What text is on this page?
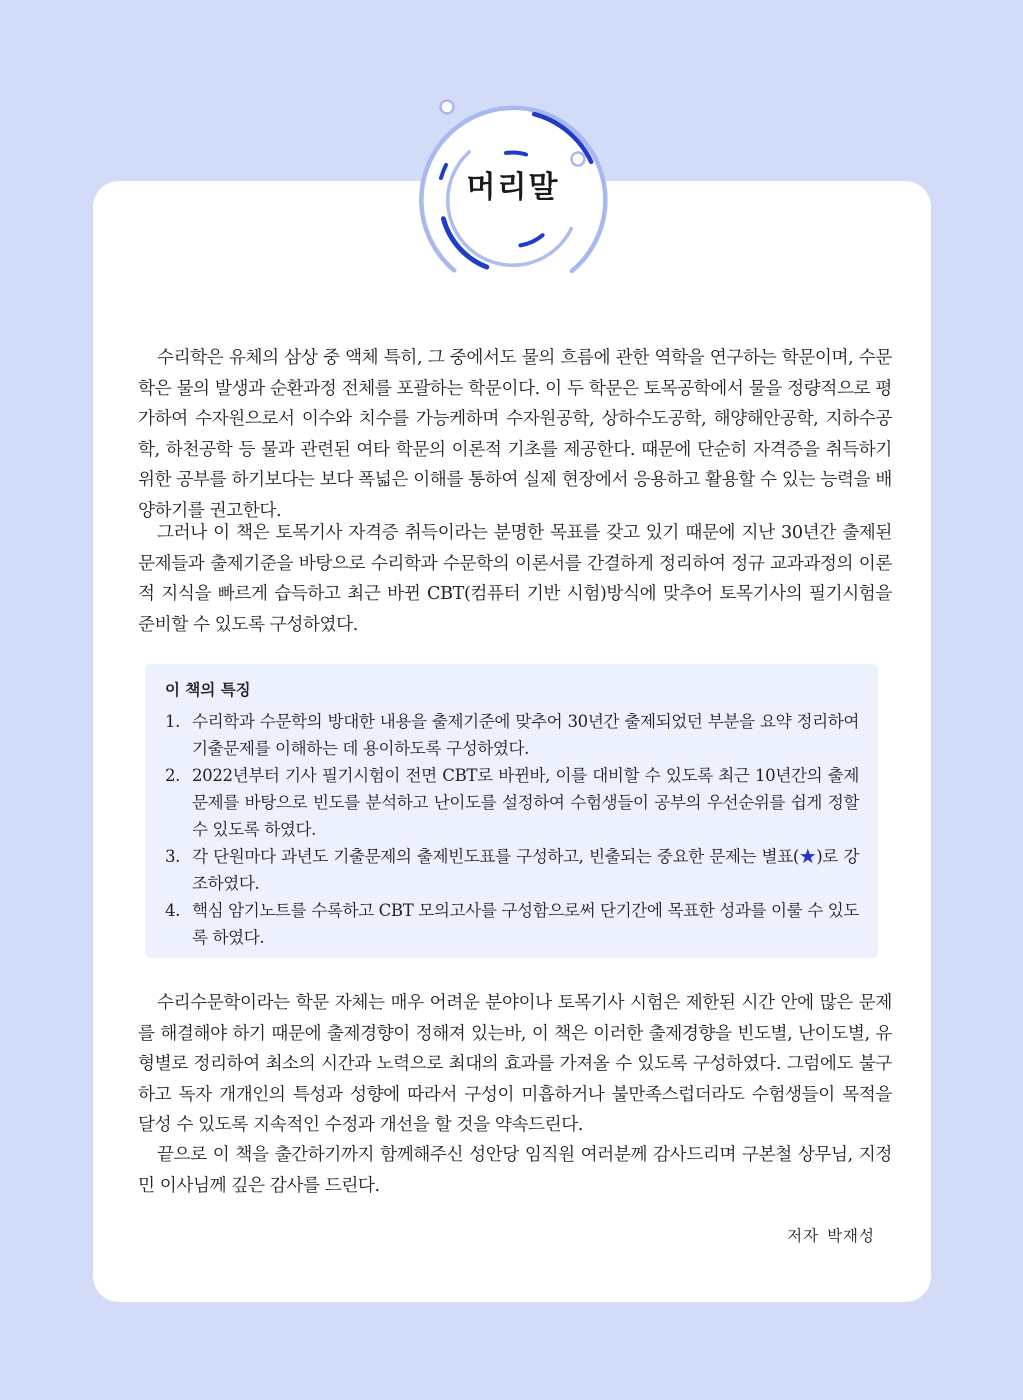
머리말

수리학은 유체의 삼상 중 액체 특히, 그 중에서도 물의 흐름에 관한 역학을 연구하는 학문이며, 수문학은 물의 발생과 순환과정 전체를 포괄하는 학문이다. 이 두 학문은 토목공학에서 물을 정량적으로 평가하여 수자원으로서 이수와 치수를 가능케하며 수자원공학, 상하수도공학, 해양해안공학, 지하수공학, 하천공학 등 물과 관련된 여타 학문의 이론적 기초를 제공한다. 때문에 단순히 자격증을 취득하기 위한 공부를 하기보다는 보다 폭넓은 이해를 통하여 실제 현장에서 응용하고 활용할 수 있는 능력을 배양하기를 권고한다.

그러나 이 책은 토목기사 자격증 취득이라는 분명한 목표를 갖고 있기 때문에 지난 30년간 출제된 문제들과 출제기준을 바탕으로 수리학과 수문학의 이론서를 간결하게 정리하여 정규 교과과정의 이론적 지식을 빠르게 습득하고 최근 바뀐 CBT(컴퓨터 기반 시험)방식에 맞추어 토목기사의 필기시험을 준비할 수 있도록 구성하였다.

이 책의 특징
1. 수리학과 수문학의 방대한 내용을 출제기준에 맞추어 30년간 출제되었던 부분을 요약 정리하여 기출문제를 이해하는 데 용이하도록 구성하였다.
2. 2022년부터 기사 필기시험이 전면 CBT로 바뀐바, 이를 대비할 수 있도록 최근 10년간의 출제문제를 바탕으로 빈도를 분석하고 난이도를 설정하여 수험생들이 공부의 우선순위를 쉽게 정할 수 있도록 하였다.
3. 각 단원마다 과년도 기출문제의 출제빈도표를 구성하고, 빈출되는 중요한 문제는 별표(★)로 강조하였다.
4. 핵심 암기노트를 수록하고 CBT 모의고사를 구성함으로써 단기간에 목표한 성과를 이룰 수 있도록 하였다.

수리수문학이라는 학문 자체는 매우 어려운 분야이나 토목기사 시험은 제한된 시간 안에 많은 문제를 해결해야 하기 때문에 출제경향이 정해져 있는바, 이 책은 이러한 출제경향을 빈도별, 난이도별, 유형별로 정리하여 최소의 시간과 노력으로 최대의 효과를 가져올 수 있도록 구성하였다. 그럼에도 불구하고 독자 개개인의 특성과 성향에 따라서 구성이 미흡하거나 불만족스럽더라도 수험생들이 목적을 달성 수 있도록 지속적인 수정과 개선을 할 것을 약속드린다.

끝으로 이 책을 출간하기까지 함께해주신 성안당 임직원 여러분께 감사드리며 구본철 상무님, 지정민 이사님께 깊은 감사를 드린다.

저자 박재성
